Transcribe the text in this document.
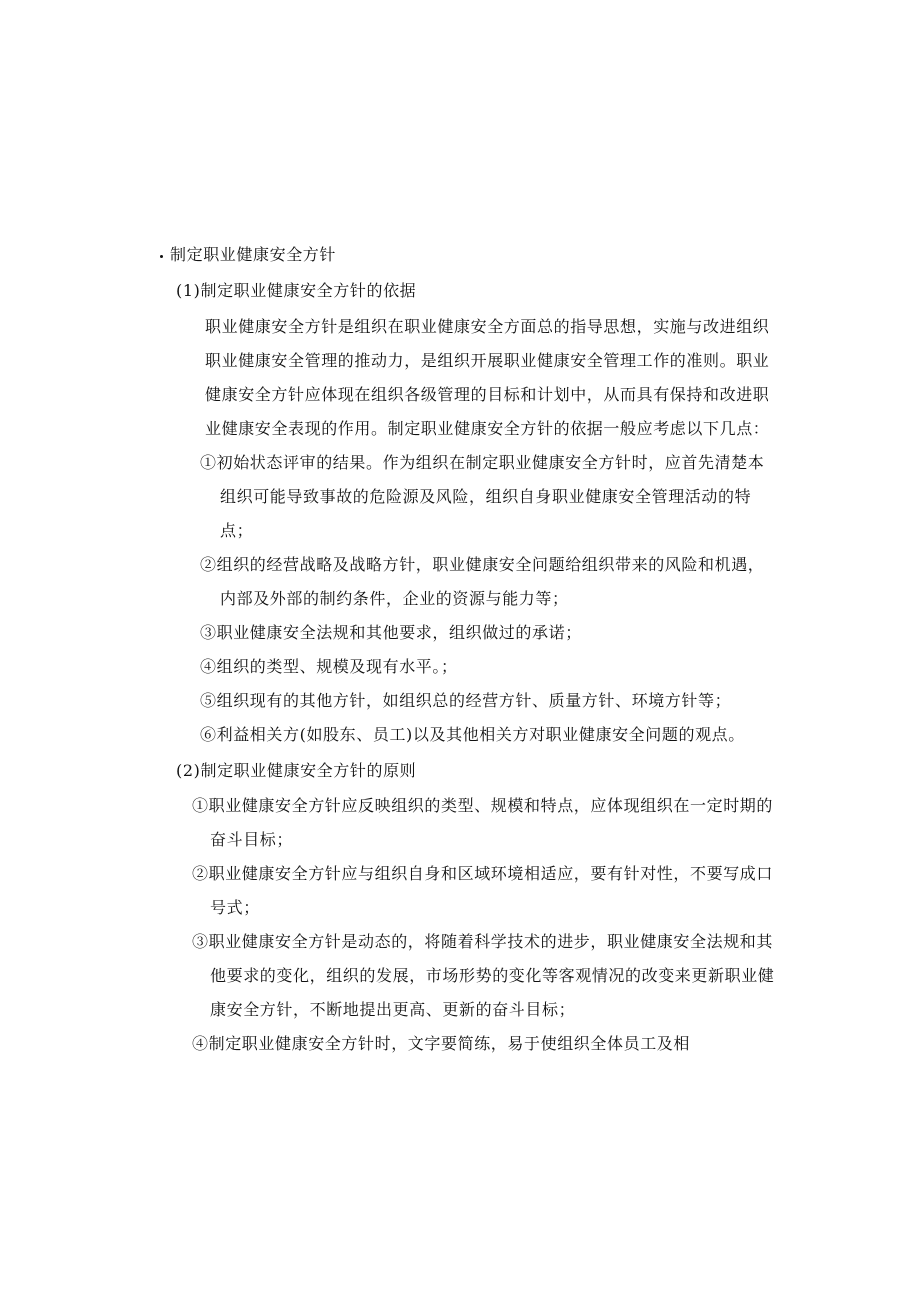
制定职业健康安全方针
(1)制定职业健康安全方针的依据
职业健康安全方针是组织在职业健康安全方面总的指导思想，实施与改进组织
职业健康安全管理的推动力，是组织开展职业健康安全管理工作的准则。职业
健康安全方针应体现在组织各级管理的目标和计划中，从而具有保持和改进职
业健康安全表现的作用。制定职业健康安全方针的依据一般应考虑以下几点：
①初始状态评审的结果。作为组织在制定职业健康安全方针时，应首先清楚本
组织可能导致事故的危险源及风险，组织自身职业健康安全管理活动的特
点；
②组织的经营战略及战略方针，职业健康安全问题给组织带来的风险和机遇，
内部及外部的制约条件，企业的资源与能力等；
③职业健康安全法规和其他要求，组织做过的承诺；
④组织的类型、规模及现有水平。；
⑤组织现有的其他方针，如组织总的经营方针、质量方针、环境方针等；
⑥利益相关方(如股东、员工)以及其他相关方对职业健康安全问题的观点。
(2)制定职业健康安全方针的原则
①职业健康安全方针应反映组织的类型、规模和特点，应体现组织在一定时期的
奋斗目标；
②职业健康安全方针应与组织自身和区域环境相适应，要有针对性，不要写成口
号式；
③职业健康安全方针是动态的，将随着科学技术的进步，职业健康安全法规和其
他要求的变化，组织的发展，市场形势的变化等客观情况的改变来更新职业健
康安全方针，不断地提出更高、更新的奋斗目标；
④制定职业健康安全方针时，文字要简练，易于使组织全体员工及相
